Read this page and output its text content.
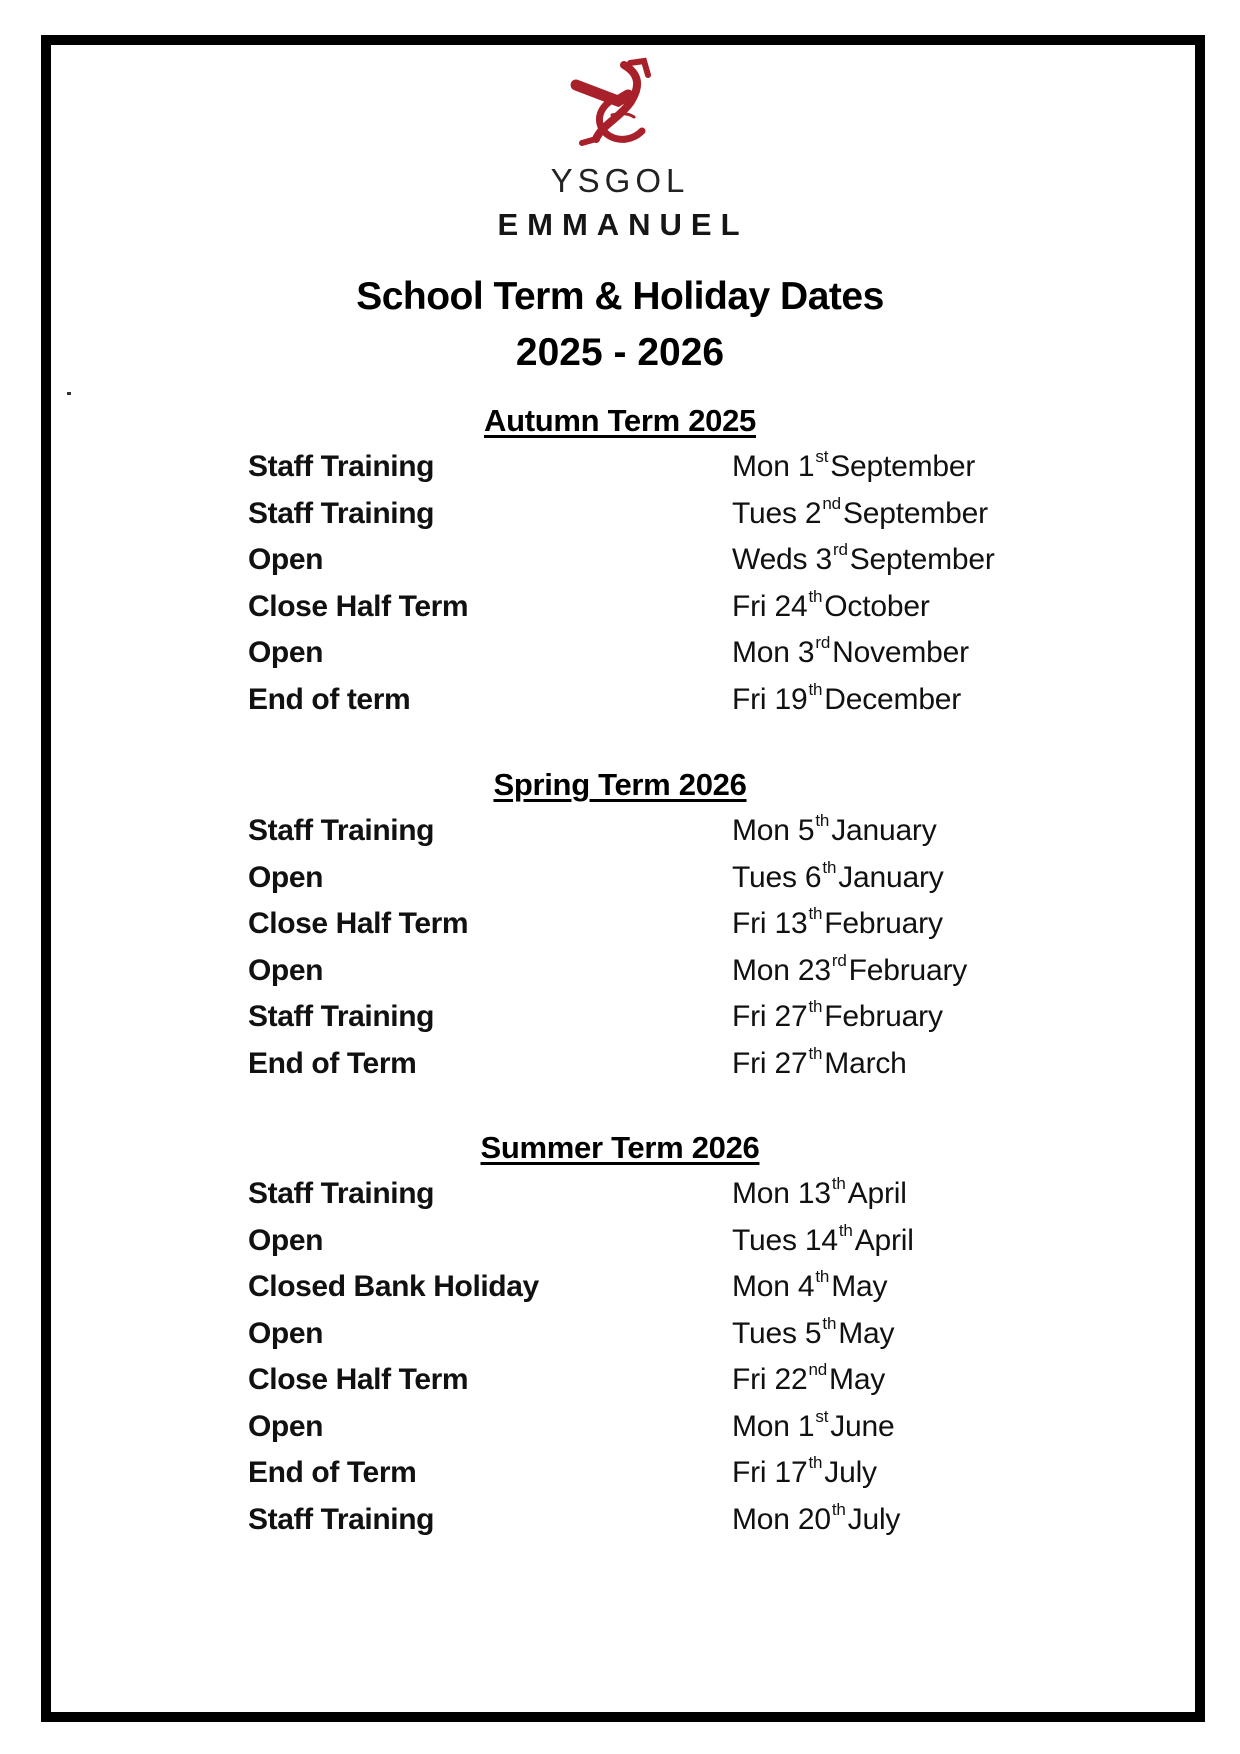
YSGOL
EMMANUEL
School Term & Holiday Dates
2025 - 2026
Autumn Term 2025
Staff Training	Mon 1stSeptember
Staff Training	Tues 2ndSeptember
Open	Weds 3rdSeptember
Close Half Term	Fri 24thOctober
Open	Mon 3rdNovember
End of term	Fri 19thDecember
Spring Term 2026
Staff Training	Mon 5thJanuary
Open	Tues 6thJanuary
Close Half Term	Fri 13thFebruary
Open	Mon 23rdFebruary
Staff Training	Fri 27thFebruary
End of Term	Fri 27thMarch
Summer Term 2026
Staff Training	Mon 13thApril
Open	Tues 14thApril
Closed Bank Holiday	Mon 4thMay
Open	Tues 5thMay
Close Half Term	Fri 22ndMay
Open	Mon 1stJune
End of Term	Fri 17thJuly
Staff Training	Mon 20thJuly
